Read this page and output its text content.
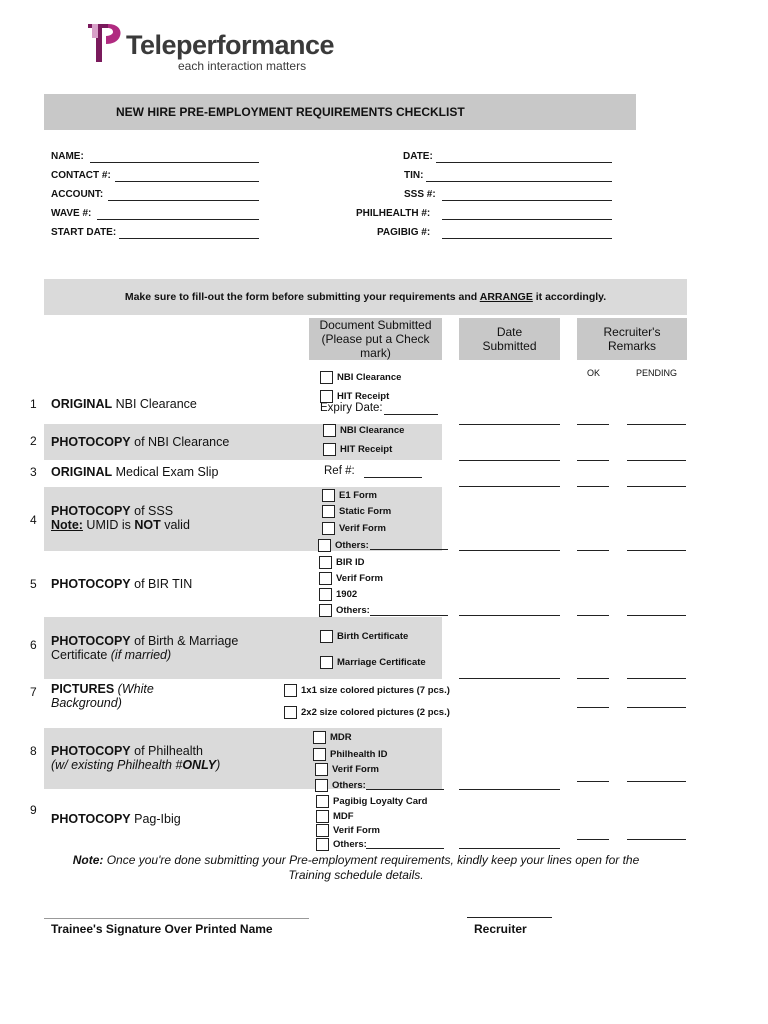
Teleperformance
each interaction matters
NEW HIRE PRE-EMPLOYMENT REQUIREMENTS CHECKLIST
NAME:
CONTACT #:
ACCOUNT:
WAVE #:
START DATE:
DATE:
TIN:
SSS #:
PHILHEALTH #:
PAGIBIG #:
Make sure to fill-out the form before submitting your requirements and ARRANGE it accordingly.
Document Submitted (Please put a Check mark)
Date Submitted
Recruiter's Remarks
OK	PENDING
1 ORIGINAL NBI Clearance
NBI Clearance
HIT Receipt
Expiry Date:
2 PHOTOCOPY of NBI Clearance
NBI Clearance
HIT Receipt
3 ORIGINAL Medical Exam Slip	Ref #:
4
PHOTOCOPY of SSS
Note: UMID is NOT valid
E1 Form
Static Form
Verif Form
Others:
5 PHOTOCOPY of BIR TIN
BIR ID
Verif Form
1902
Others:
6 PHOTOCOPY of Birth & Marriage
Certificate (if married)
Birth Certificate
Marriage Certificate
7 PICTURES (White
Background)
1x1 size colored pictures (7 pcs.)
2x2 size colored pictures (2 pcs.)
8 PHOTOCOPY of Philhealth
(w/ existing Philhealth #ONLY)
MDR
Philhealth ID
Verif Form
Others:
9
PHOTOCOPY Pag-Ibig
Pagibig Loyalty Card
MDF
Verif Form
Others:
Note: Once you're done submitting your Pre-employment requirements, kindly keep your lines open for the Training schedule details.
Trainee's Signature Over Printed Name	Recruiter
